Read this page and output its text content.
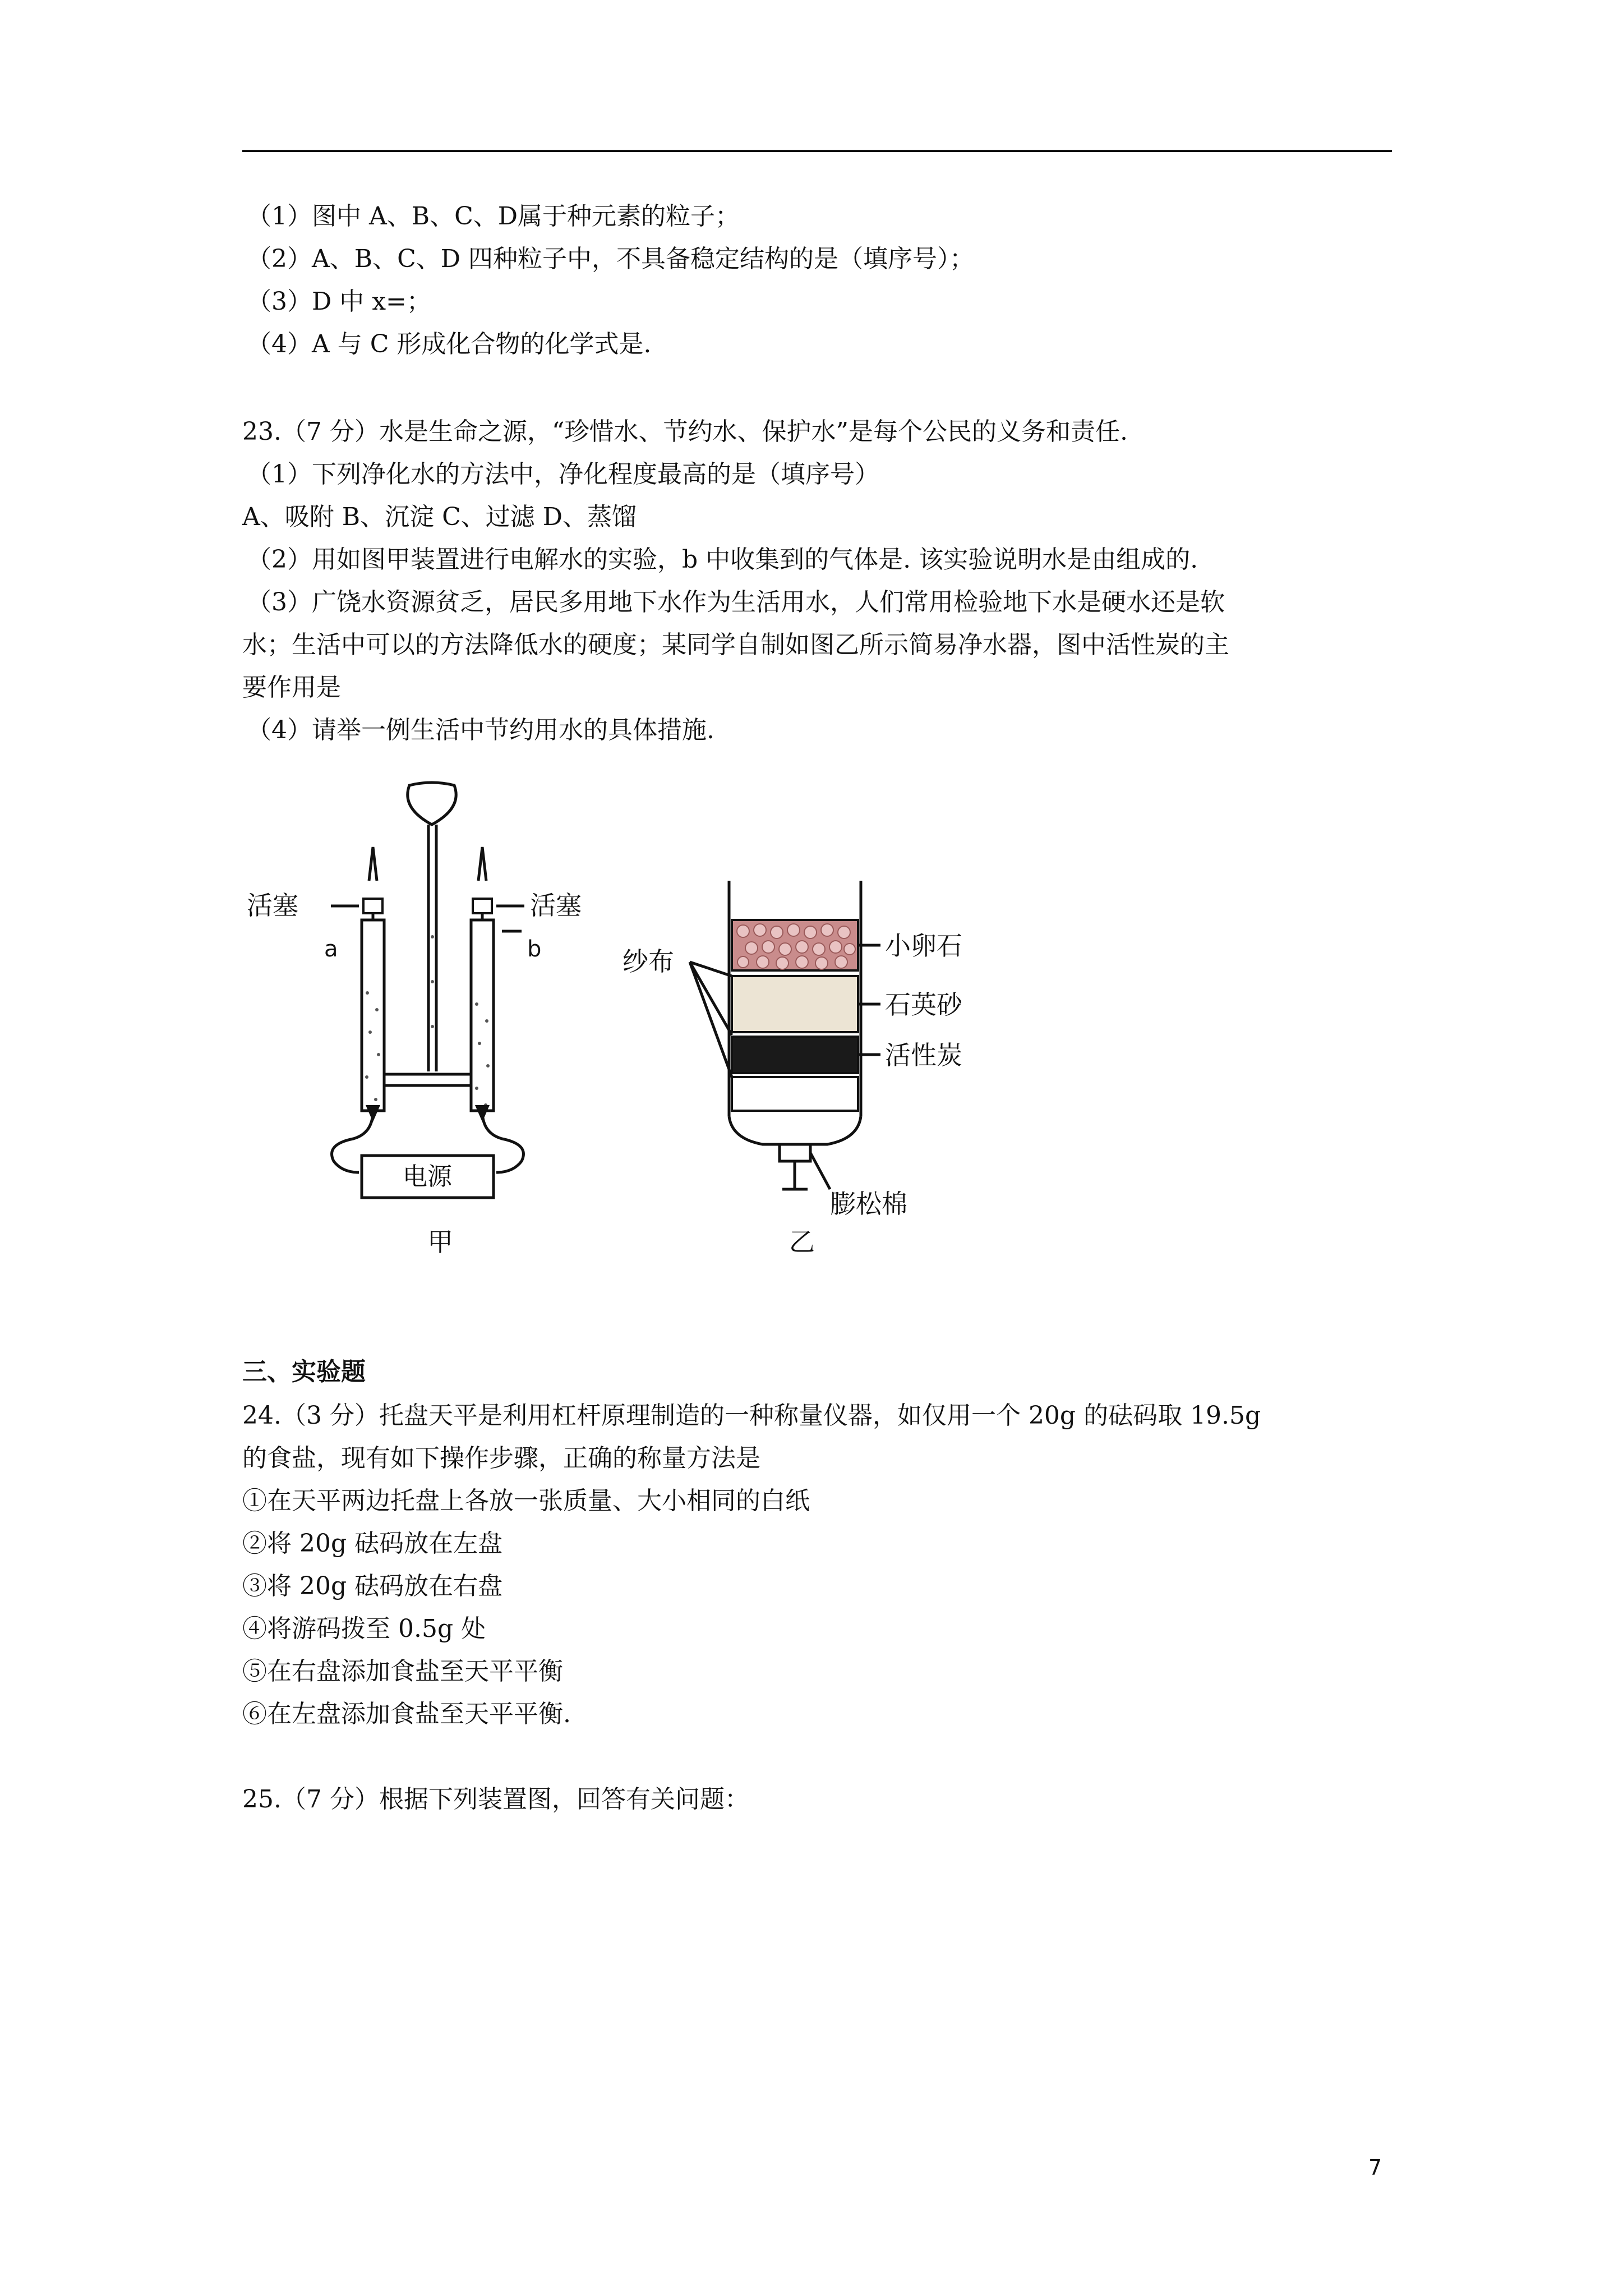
（1）图中 A、B、C、D属于种元素的粒子；
（2）A、B、C、D 四种粒子中，不具备稳定结构的是（填序号）；
（3）D 中 x=；
（4）A 与 C 形成化合物的化学式是.
23.（7 分）水是生命之源，“珍惜水、节约水、保护水”是每个公民的义务和责任.
（1）下列净化水的方法中，净化程度最高的是（填序号）
A、吸附 B、沉淀 C、过滤 D、蒸馏
（2）用如图甲装置进行电解水的实验，b 中收集到的气体是. 该实验说明水是由组成的.
（3）广饶水资源贫乏，居民多用地下水作为生活用水，人们常用检验地下水是硬水还是软
水；生活中可以的方法降低水的硬度；某同学自制如图乙所示简易净水器，图中活性炭的主
要作用是
（4）请举一例生活中节约用水的具体措施.
电源
活塞	活塞
a	b
甲
纱布
小卵石
石英砂
活性炭
膨松棉
乙
三、实验题
24.（3 分）托盘天平是利用杠杆原理制造的一种称量仪器，如仅用一个 20g 的砝码取 19.5g
的食盐，现有如下操作步骤，正确的称量方法是
①在天平两边托盘上各放一张质量、大小相同的白纸
②将 20g 砝码放在左盘
③将 20g 砝码放在右盘
④将游码拨至 0.5g 处
⑤在右盘添加食盐至天平平衡
⑥在左盘添加食盐至天平平衡.
25.（7 分）根据下列装置图，回答有关问题：
7
